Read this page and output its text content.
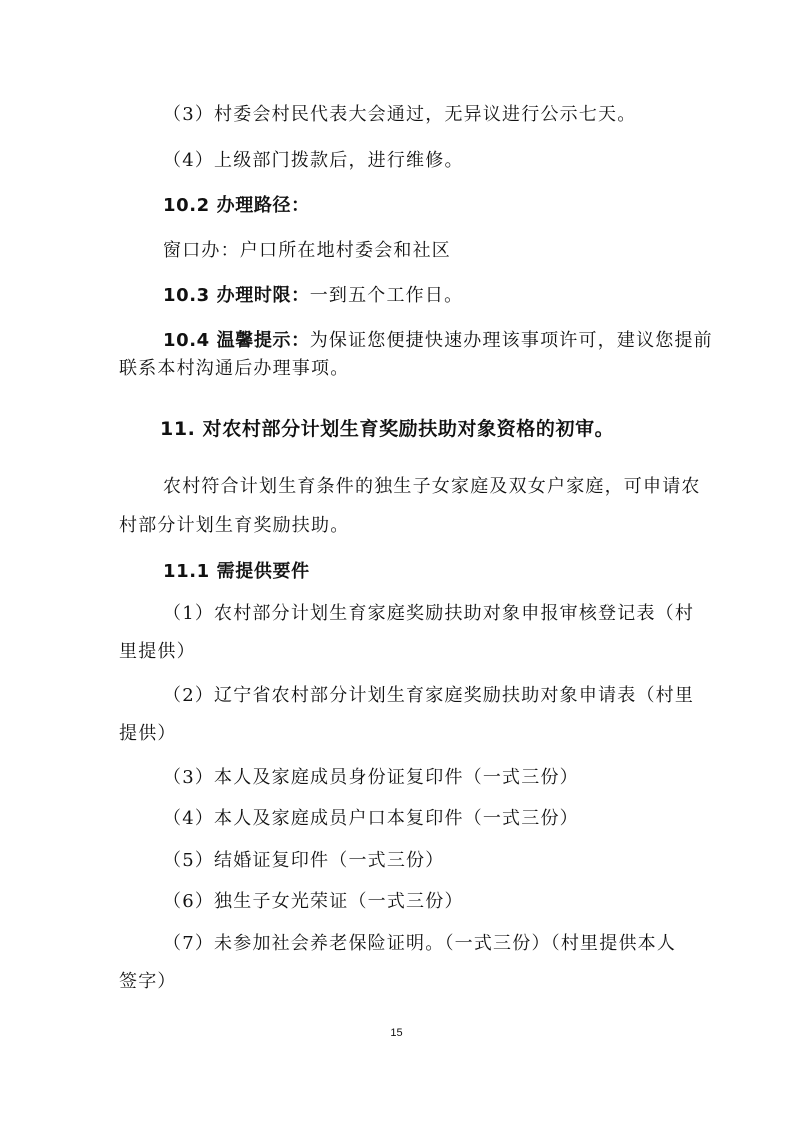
（3）村委会村民代表大会通过，无异议进行公示七天。
（4）上级部门拨款后，进行维修。
10.2 办理路径：
窗口办：户口所在地村委会和社区
10.3 办理时限：一到五个工作日。
10.4 温馨提示：为保证您便捷快速办理该事项许可，建议您提前
联系本村沟通后办理事项。
11. 对农村部分计划生育奖励扶助对象资格的初审。
农村符合计划生育条件的独生子女家庭及双女户家庭，可申请农
村部分计划生育奖励扶助。
11.1 需提供要件
（1）农村部分计划生育家庭奖励扶助对象申报审核登记表（村
里提供）
（2）辽宁省农村部分计划生育家庭奖励扶助对象申请表（村里
提供）
（3）本人及家庭成员身份证复印件（一式三份）
（4）本人及家庭成员户口本复印件（一式三份）
（5）结婚证复印件（一式三份）
（6）独生子女光荣证（一式三份）
（7）未参加社会养老保险证明。（一式三份）（村里提供本人
签字）
15
